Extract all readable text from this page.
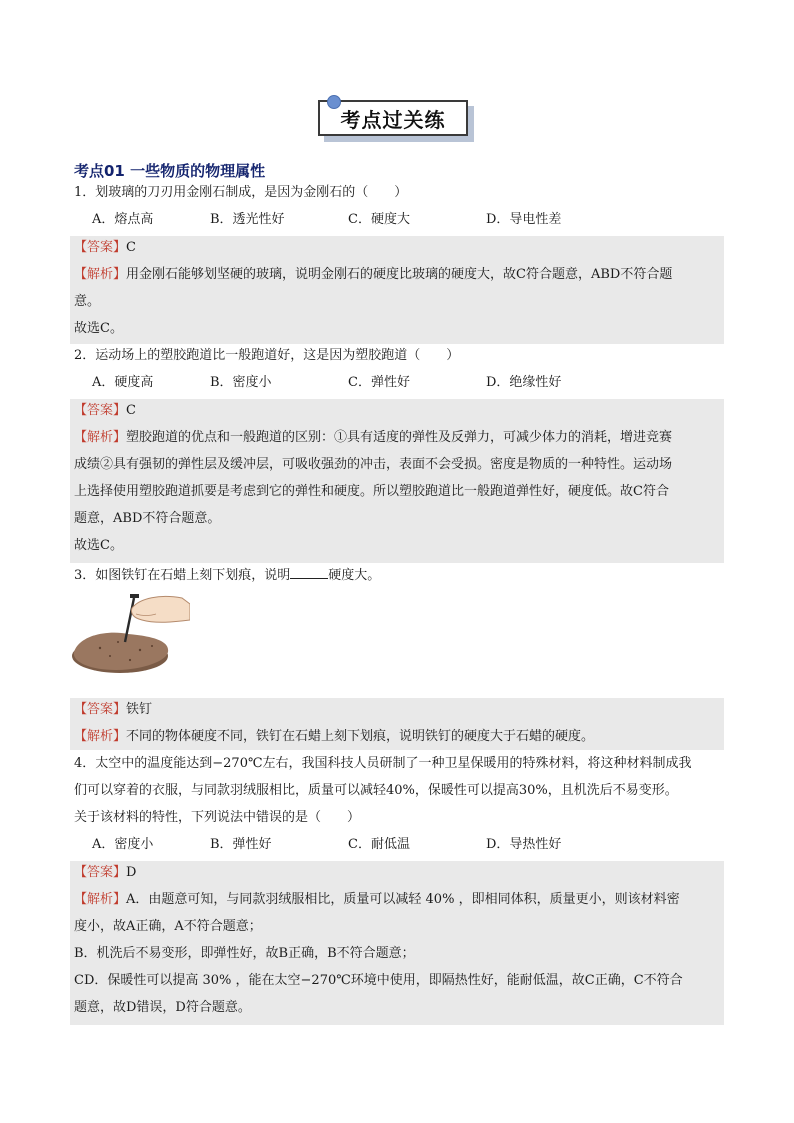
考点过关练
考点01 一些物质的物理属性
1．划玻璃的刀刃用金刚石制成，是因为金刚石的（　　）
A．熔点高	B．透光性好	C．硬度大	D．导电性差
【答案】C
【解析】用金刚石能够划坚硬的玻璃，说明金刚石的硬度比玻璃的硬度大，故C符合题意，ABD不符合题
意。
故选C。
2．运动场上的塑胶跑道比一般跑道好，这是因为塑胶跑道（　　）
A．硬度高	B．密度小	C．弹性好	D．绝缘性好
【答案】C
【解析】塑胶跑道的优点和一般跑道的区别：①具有适度的弹性及反弹力，可减少体力的消耗，增进竞赛
成绩②具有强韧的弹性层及缓冲层，可吸收强劲的冲击，表面不会受损。密度是物质的一种特性。运动场
上选择使用塑胶跑道抓要是考虑到它的弹性和硬度。所以塑胶跑道比一般跑道弹性好，硬度低。故C符合
题意，ABD不符合题意。
故选C。
3．如图铁钉在石蜡上刻下划痕，说明	硬度大。
【答案】铁钉
【解析】不同的物体硬度不同，铁钉在石蜡上刻下划痕，说明铁钉的硬度大于石蜡的硬度。
4．太空中的温度能达到−270℃左右，我国科技人员研制了一种卫星保暖用的特殊材料，将这种材料制成我
们可以穿着的衣服，与同款羽绒服相比，质量可以减轻40%，保暖性可以提高30%，且机洗后不易变形。
关于该材料的特性，下列说法中错误的是（　　）
A．密度小	B．弹性好	C．耐低温	D．导热性好
【答案】D
【解析】A．由题意可知，与同款羽绒服相比，质量可以减轻 40% ，即相同体积，质量更小，则该材料密
度小，故A正确，A不符合题意；
B．机洗后不易变形，即弹性好，故B正确，B不符合题意；
CD．保暖性可以提高 30% ，能在太空−270℃环境中使用，即隔热性好，能耐低温，故C正确，C不符合
题意，故D错误，D符合题意。
